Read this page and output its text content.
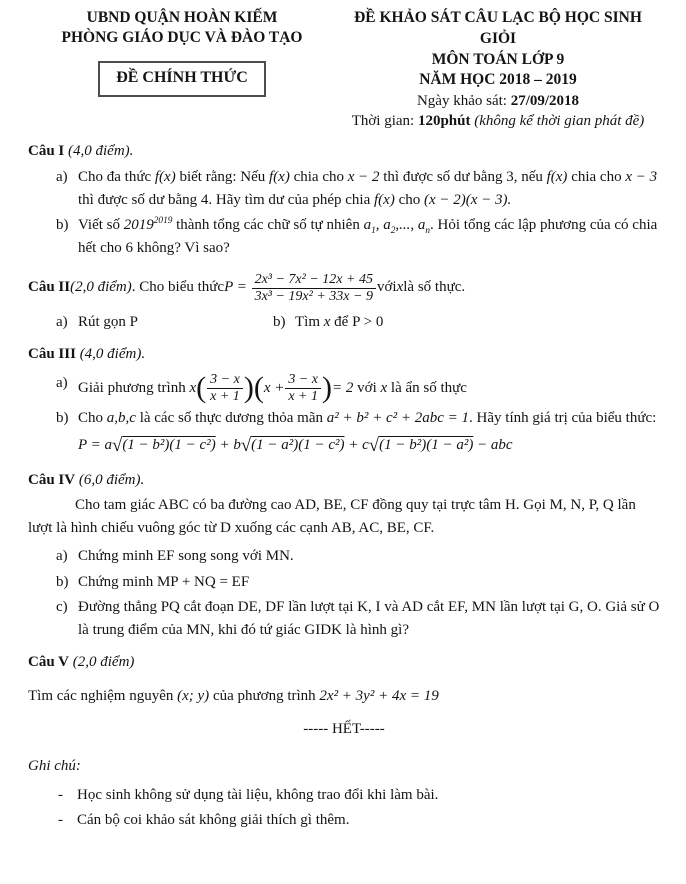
UBND QUẬN HOÀN KIẾM
PHÒNG GIÁO DỤC VÀ ĐÀO TẠO
ĐỀ CHÍNH THỨC
ĐỀ KHẢO SÁT CÂU LẠC BỘ HỌC SINH GIỎI
MÔN TOÁN LỚP 9
NĂM HỌC 2018 – 2019
Ngày khảo sát: 27/09/2018
Thời gian: 120phút (không kể thời gian phát đề)
Câu I (4,0 điểm).
a) Cho đa thức f(x) biết rằng: Nếu f(x) chia cho x − 2 thì được số dư bằng 3, nếu f(x) chia cho x − 3 thì được số dư bằng 4. Hãy tìm dư của phép chia f(x) cho (x − 2)(x − 3).
b) Viết số $2019^{2019}$ thành tổng các chữ số tự nhiên $a_1$, $a_2$,..., $a_n$. Hỏi tổng các lập phương của có chia hết cho 6 không? Vì sao?
Câu II (2,0 điểm) . Cho biểu thức P =
$\frac{\text{2x³ − 7x² − 12x + 45}}{\text{3x³ − 19x² + 33x − 9}}$ với x là số thực.
a) Rút gọn P	b) Tìm x để P > 0
Câu III (4,0 điểm).
a) Giải phương trình $x( \frac{3 - x}{x + 1} )(x + \frac{3 - x}{x + 1}$ )= 2 với x là ẩn số thực
b) Cho a,b,c là các số thực dương thỏa mãn a² + b² + c² + 2abc = 1. Hãy tính giá trị của biểu thức:
P = a√(1 − b²)(1 − c²) + b√(1 − a²)(1 − c²) + c√(1 − b²)(1 − a²) − abc
Câu IV (6,0 điểm).
Cho tam giác ABC có ba đường cao AD, BE, CF đồng quy tại trực tâm H. Gọi M, N, P, Q lần lượt là hình chiếu vuông góc từ D xuống các cạnh AB, AC, BE, CF.
a) Chứng minh EF song song với MN.
b) Chứng minh MP + NQ = EF
c) Đường thẳng PQ cắt đoạn DE, DF lần lượt tại K, I và AD cắt EF, MN lần lượt tại G, O. Giả sử O là trung điểm của MN, khi đó tứ giác GIDK là hình gì?
Câu V (2,0 điểm)
Tìm các nghiệm nguyên (x; y) của phương trình 2x² + 3y² + 4x = 19
----- HẾT-----
Ghi chú:
- Học sinh không sử dụng tài liệu, không trao đổi khi làm bài.
- Cán bộ coi khảo sát không giải thích gì thêm.
